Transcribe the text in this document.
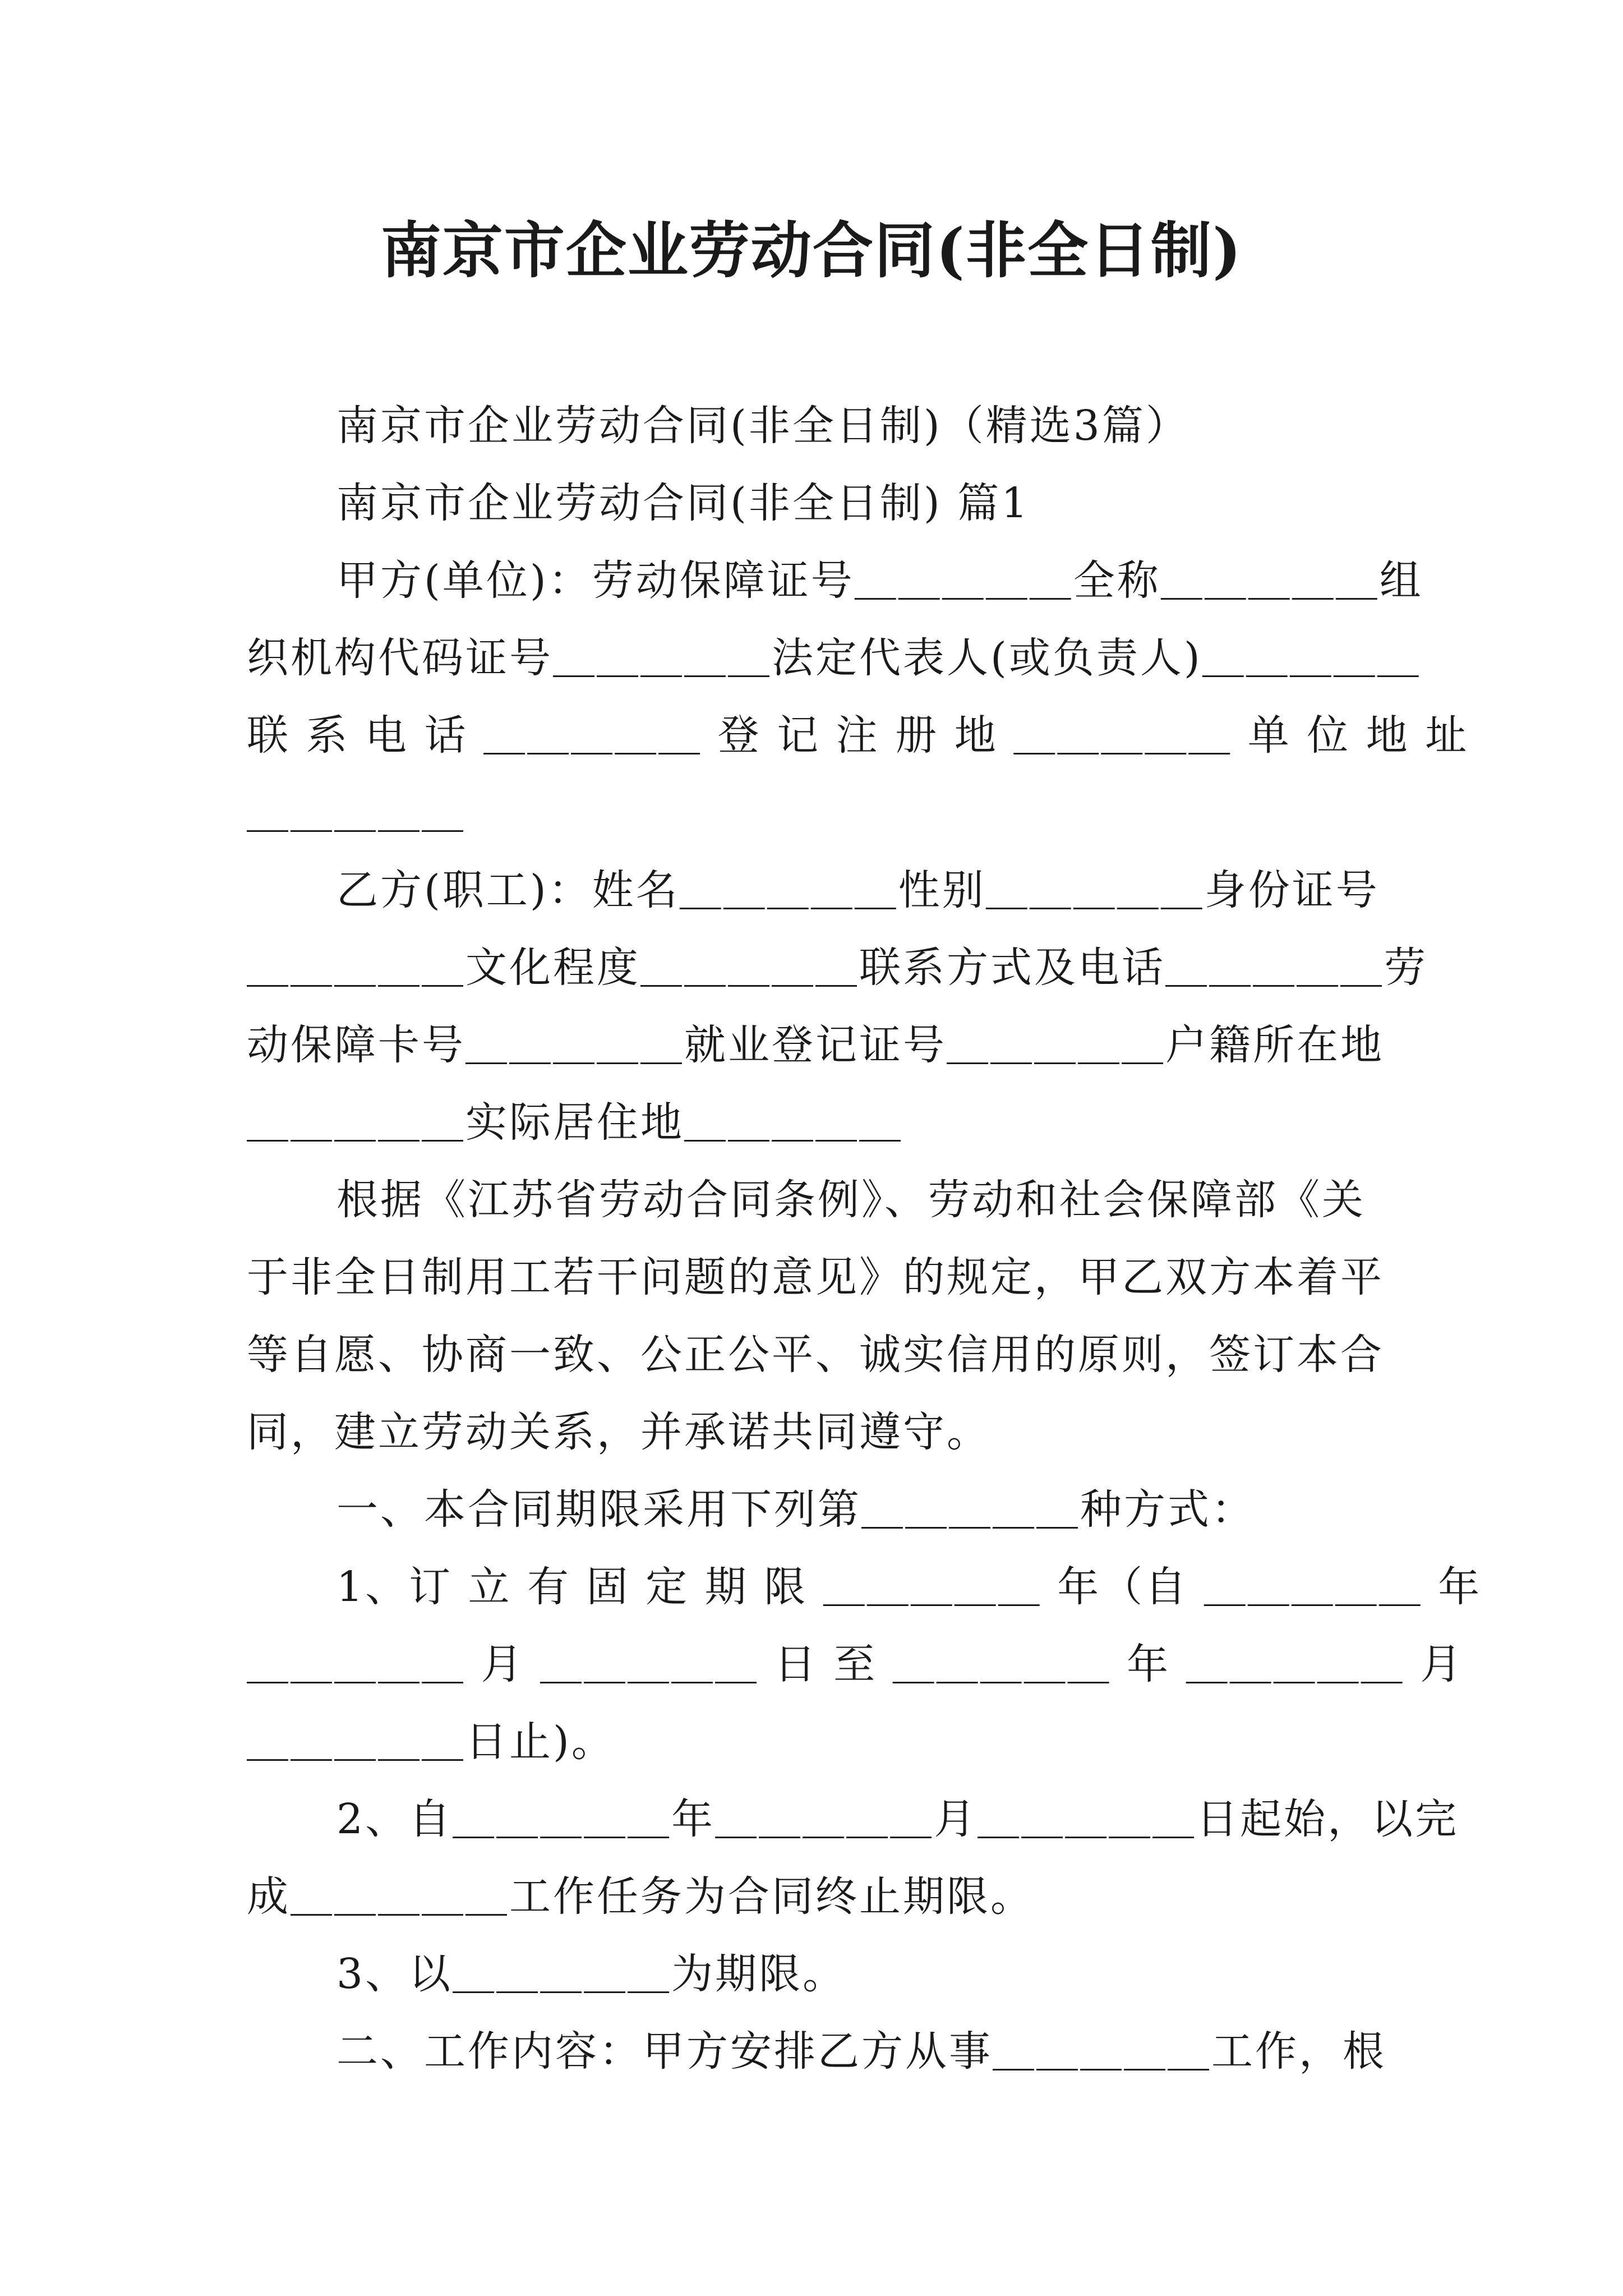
南京市企业劳动合同(非全日制)
南京市企业劳动合同(非全日制)（精选3篇）
南京市企业劳动合同(非全日制) 篇1
甲方(单位)：劳动保障证号＿＿＿＿＿全称＿＿＿＿＿组
织机构代码证号＿＿＿＿＿法定代表人(或负责人)＿＿＿＿＿
联 系 电 话 ＿＿＿＿＿ 登 记 注 册 地 ＿＿＿＿＿ 单 位 地 址
＿＿＿＿＿
乙方(职工)：姓名＿＿＿＿＿性别＿＿＿＿＿身份证号
＿＿＿＿＿文化程度＿＿＿＿＿联系方式及电话＿＿＿＿＿劳
动保障卡号＿＿＿＿＿就业登记证号＿＿＿＿＿户籍所在地
＿＿＿＿＿实际居住地＿＿＿＿＿
根据《江苏省劳动合同条例》、劳动和社会保障部《关
于非全日制用工若干问题的意见》的规定，甲乙双方本着平
等自愿、协商一致、公正公平、诚实信用的原则，签订本合
同，建立劳动关系，并承诺共同遵守。
一、本合同期限采用下列第＿＿＿＿＿种方式：
1、订 立 有 固 定 期 限 ＿＿＿＿＿ 年（自 ＿＿＿＿＿ 年
＿＿＿＿＿ 月 ＿＿＿＿＿ 日 至 ＿＿＿＿＿ 年 ＿＿＿＿＿ 月
＿＿＿＿＿日止)。
2、自＿＿＿＿＿年＿＿＿＿＿月＿＿＿＿＿日起始，以完
成＿＿＿＿＿工作任务为合同终止期限。
3、以＿＿＿＿＿为期限。
二、工作内容：甲方安排乙方从事＿＿＿＿＿工作，根
